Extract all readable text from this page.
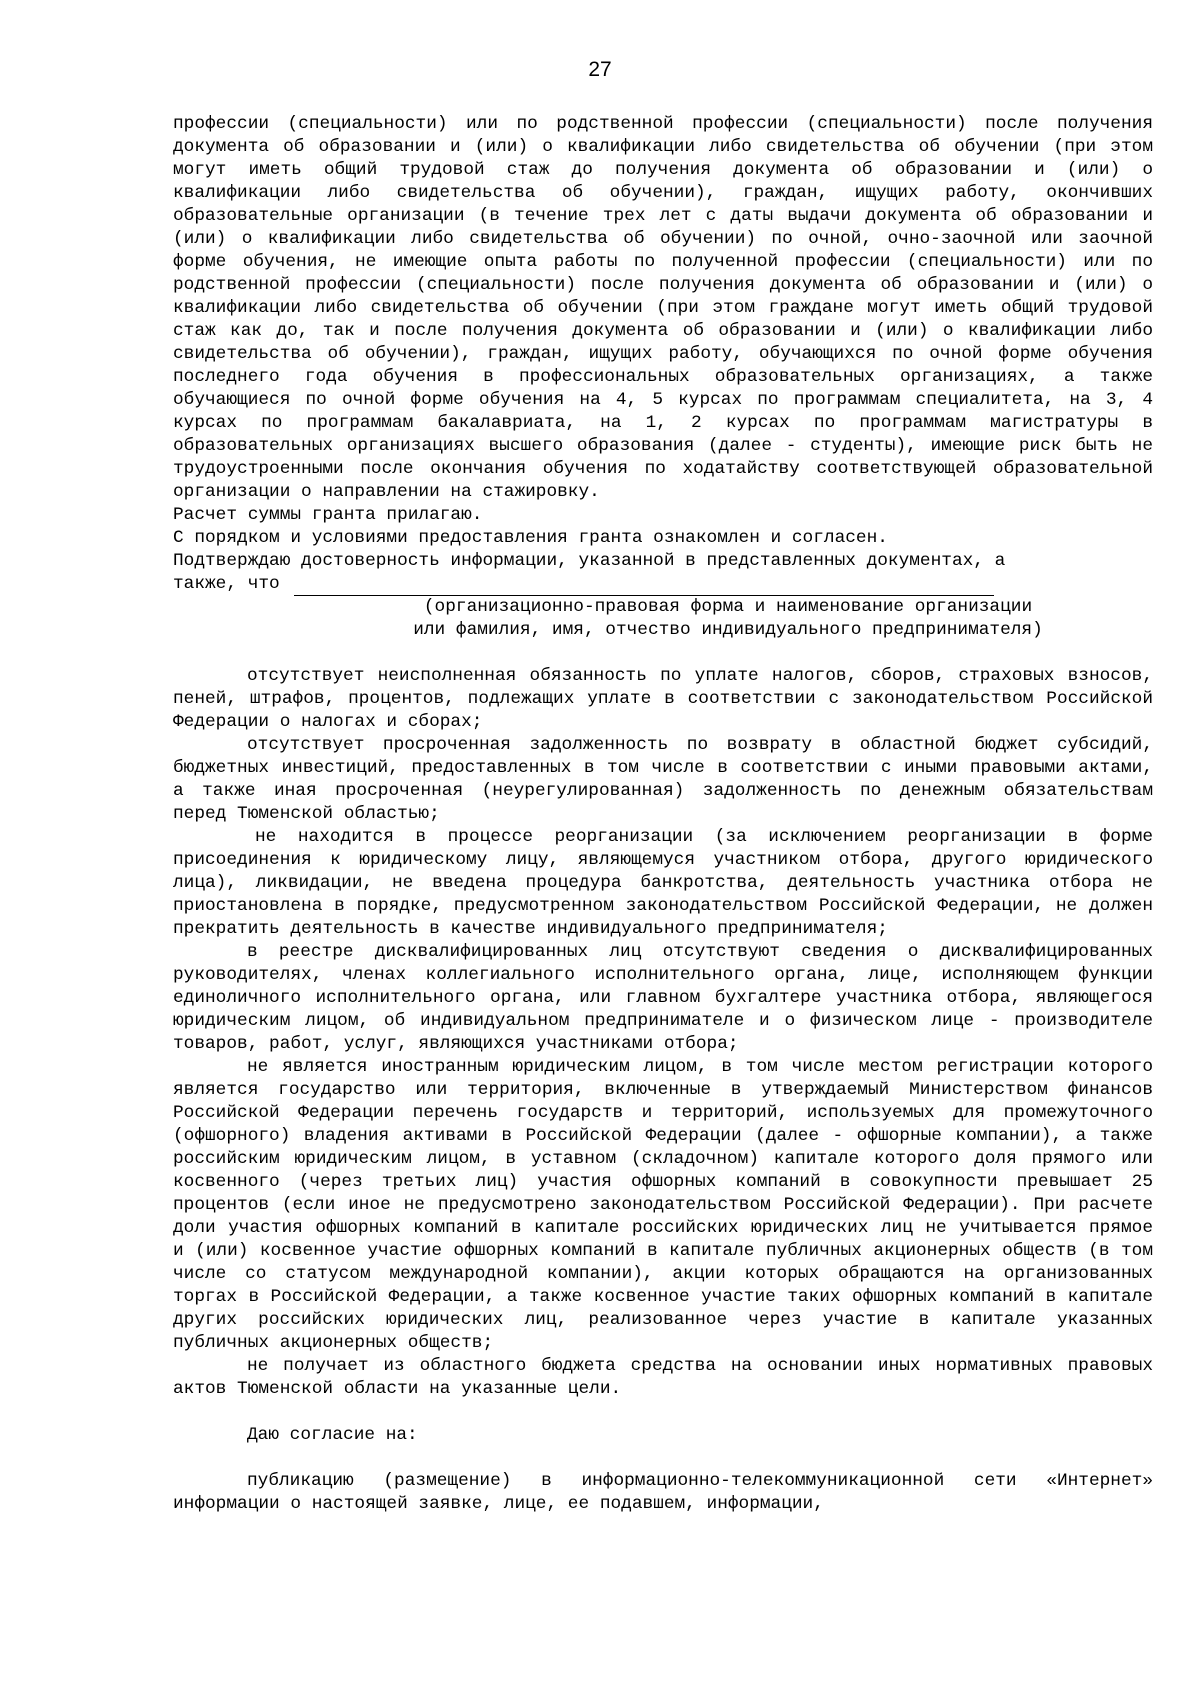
27

профессии (специальности) или по родственной профессии (специальности) после получения документа об образовании и (или) о квалификации либо свидетельства об обучении (при этом могут иметь общий трудовой стаж до получения документа об образовании и (или) о квалификации либо свидетельства об обучении), граждан, ищущих работу, окончивших образовательные организации (в течение трех лет с даты выдачи документа об образовании и (или) о квалификации либо свидетельства об обучении) по очной, очно-заочной или заочной форме обучения, не имеющие опыта работы по полученной профессии (специальности) или по родственной профессии (специальности) после получения документа об образовании и (или) о квалификации либо свидетельства об обучении (при этом граждане могут иметь общий трудовой стаж как до, так и после получения документа об образовании и (или) о квалификации либо свидетельства об обучении), граждан, ищущих работу, обучающихся по очной форме обучения последнего года обучения в профессиональных образовательных организациях, а также обучающиеся по очной форме обучения на 4, 5 курсах по программам специалитета, на 3, 4 курсах по программам бакалавриата, на 1, 2 курсах по программам магистратуры в образовательных организациях высшего образования (далее - студенты), имеющие риск быть не трудоустроенными после окончания обучения по ходатайству соответствующей образовательной организации о направлении на стажировку.

Расчет суммы гранта прилагаю.

С порядком и условиями предоставления гранта ознакомлен и согласен.

Подтверждаю достоверность информации, указанной в представленных документах, а

также, что
(организационно-правовая форма и наименование организации
или фамилия, имя, отчество индивидуального предпринимателя)

отсутствует неисполненная обязанность по уплате налогов, сборов, страховых взносов, пеней, штрафов, процентов, подлежащих уплате в соответствии с законодательством Российской Федерации о налогах и сборах;

отсутствует просроченная задолженность по возврату в областной бюджет субсидий, бюджетных инвестиций, предоставленных в том числе в соответствии с иными правовыми актами, а также иная просроченная (неурегулированная) задолженность по денежным обязательствам перед Тюменской областью;

не находится в процессе реорганизации (за исключением реорганизации в форме присоединения к юридическому лицу, являющемуся участником отбора, другого юридического лица), ликвидации, не введена процедура банкротства, деятельность участника отбора не приостановлена в порядке, предусмотренном законодательством Российской Федерации, не должен прекратить деятельность в качестве индивидуального предпринимателя;

в реестре дисквалифицированных лиц отсутствуют сведения о дисквалифицированных руководителях, членах коллегиального исполнительного органа, лице, исполняющем функции единоличного исполнительного органа, или главном бухгалтере участника отбора, являющегося юридическим лицом, об индивидуальном предпринимателе и о физическом лице - производителе товаров, работ, услуг, являющихся участниками отбора;

не является иностранным юридическим лицом, в том числе местом регистрации которого является государство или территория, включенные в утверждаемый Министерством финансов Российской Федерации перечень государств и территорий, используемых для промежуточного (офшорного) владения активами в Российской Федерации (далее - офшорные компании), а также российским юридическим лицом, в уставном (складочном) капитале которого доля прямого или косвенного (через третьих лиц) участия офшорных компаний в совокупности превышает 25 процентов (если иное не предусмотрено законодательством Российской Федерации). При расчете доли участия офшорных компаний в капитале российских юридических лиц не учитывается прямое и (или) косвенное участие офшорных компаний в капитале публичных акционерных обществ (в том числе со статусом международной компании), акции которых обращаются на организованных торгах в Российской Федерации, а также косвенное участие таких офшорных компаний в капитале других российских юридических лиц, реализованное через участие в капитале указанных публичных акционерных обществ;

не получает из областного бюджета средства на основании иных нормативных правовых актов Тюменской области на указанные цели.

Даю согласие на:

публикацию (размещение) в информационно-телекоммуникационной сети «Интернет» информации о настоящей заявке, лице, ее подавшем, информации,
